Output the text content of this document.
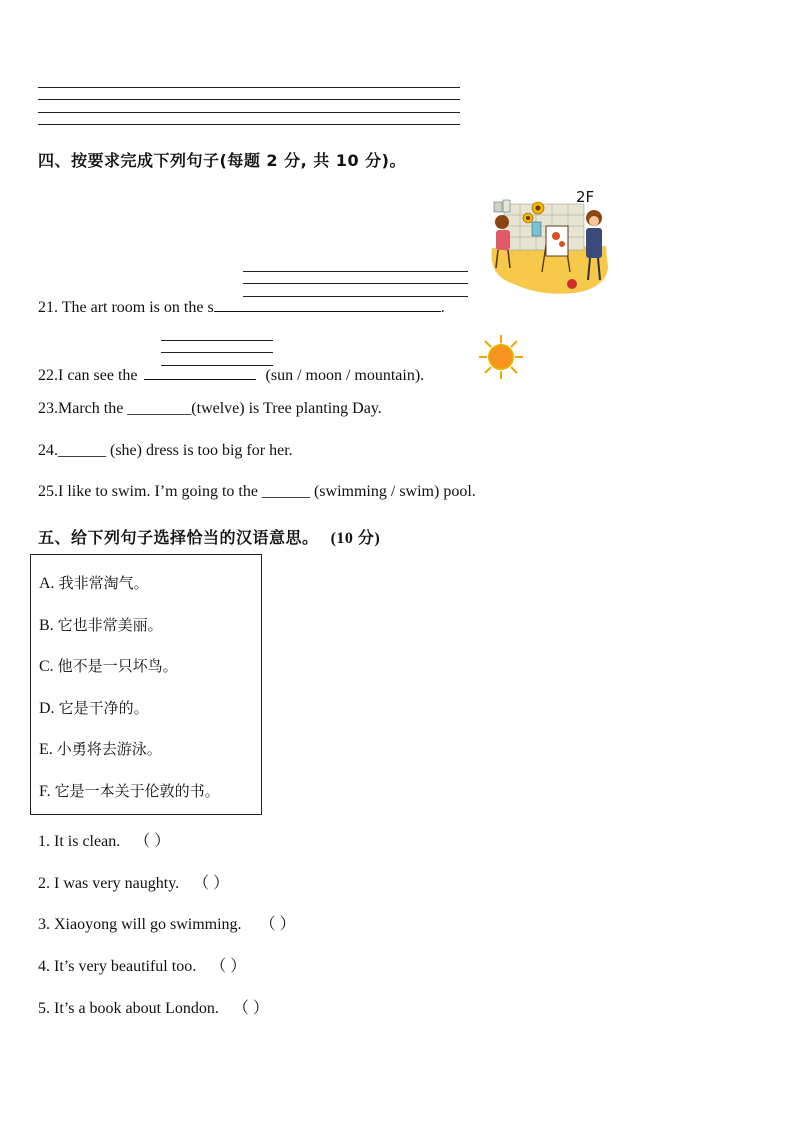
四、按要求完成下列句子(每题 2 分, 共 10 分)。
2F
21. The art room is on the s	.
22.I can see the	(sun / moon / mountain).
23.March the ________(twelve) is Tree planting Day.
24.______ (she) dress is too big for her.
25.I like to swim. I’m going to the ______ (swimming / swim) pool.
五、给下列句子选择恰当的汉语意思。 (10 分)
A. 我非常淘气。
B. 它也非常美丽。
C. 他不是一只坏鸟。
D. 它是干净的。
E. 小勇将去游泳。
F. 它是一本关于伦敦的书。
1. It is clean. （ ）
2. I was very naughty. （ ）
3. Xiaoyong will go swimming. （ ）
4. It’s very beautiful too. （ ）
5. It’s a book about London. （ ）
